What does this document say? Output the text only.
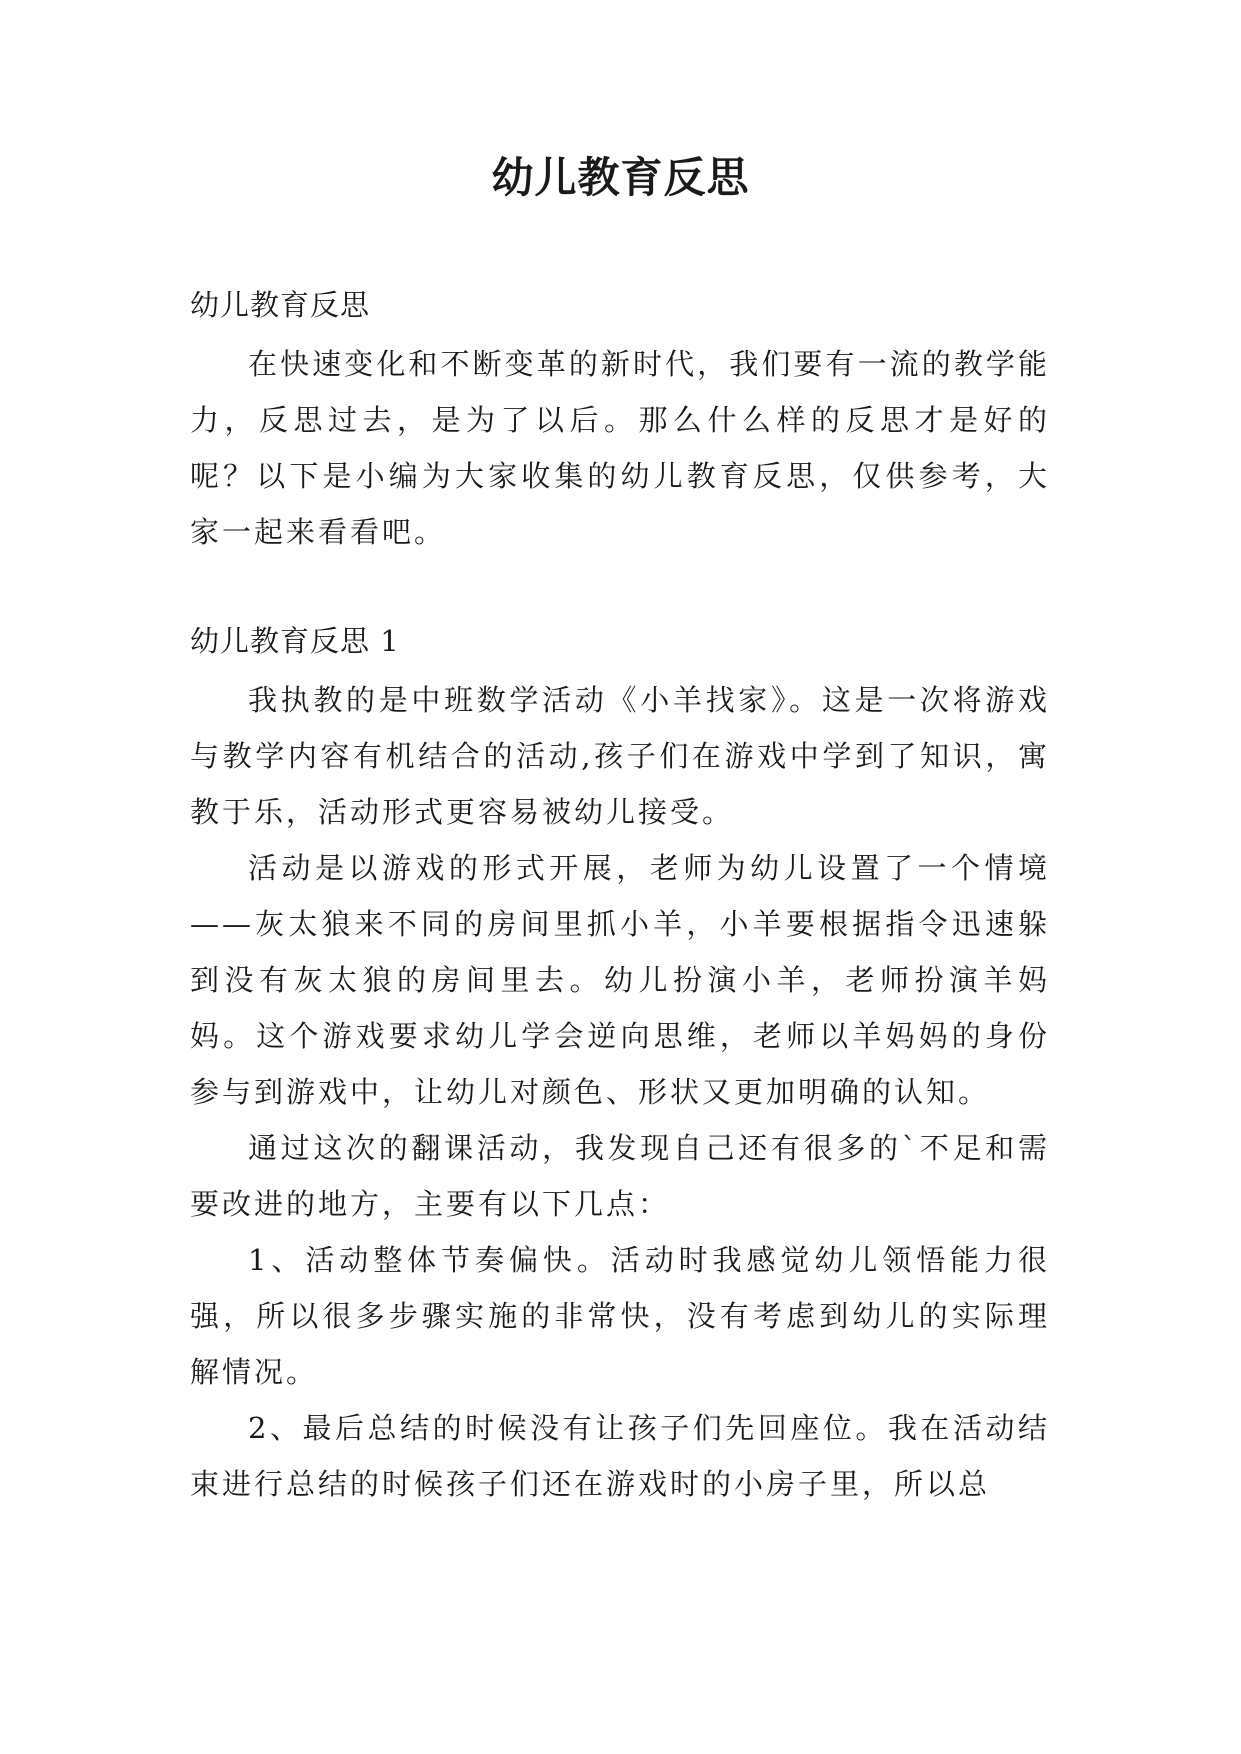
幼儿教育反思

幼儿教育反思

在快速变化和不断变革的新时代，我们要有一流的教学能力，反思过去，是为了以后。那么什么样的反思才是好的呢？以下是小编为大家收集的幼儿教育反思，仅供参考，大家一起来看看吧。

幼儿教育反思 1

我执教的是中班数学活动《小羊找家》。这是一次将游戏与教学内容有机结合的活动,孩子们在游戏中学到了知识，寓教于乐，活动形式更容易被幼儿接受。

活动是以游戏的形式开展，老师为幼儿设置了一个情境——灰太狼来不同的房间里抓小羊，小羊要根据指令迅速躲到没有灰太狼的房间里去。幼儿扮演小羊，老师扮演羊妈妈。这个游戏要求幼儿学会逆向思维，老师以羊妈妈的身份参与到游戏中，让幼儿对颜色、形状又更加明确的认知。

通过这次的翻课活动，我发现自己还有很多的`不足和需要改进的地方，主要有以下几点：

1、活动整体节奏偏快。活动时我感觉幼儿领悟能力很强，所以很多步骤实施的非常快，没有考虑到幼儿的实际理解情况。

2、最后总结的时候没有让孩子们先回座位。我在活动结束进行总结的时候孩子们还在游戏时的小房子里，所以总
